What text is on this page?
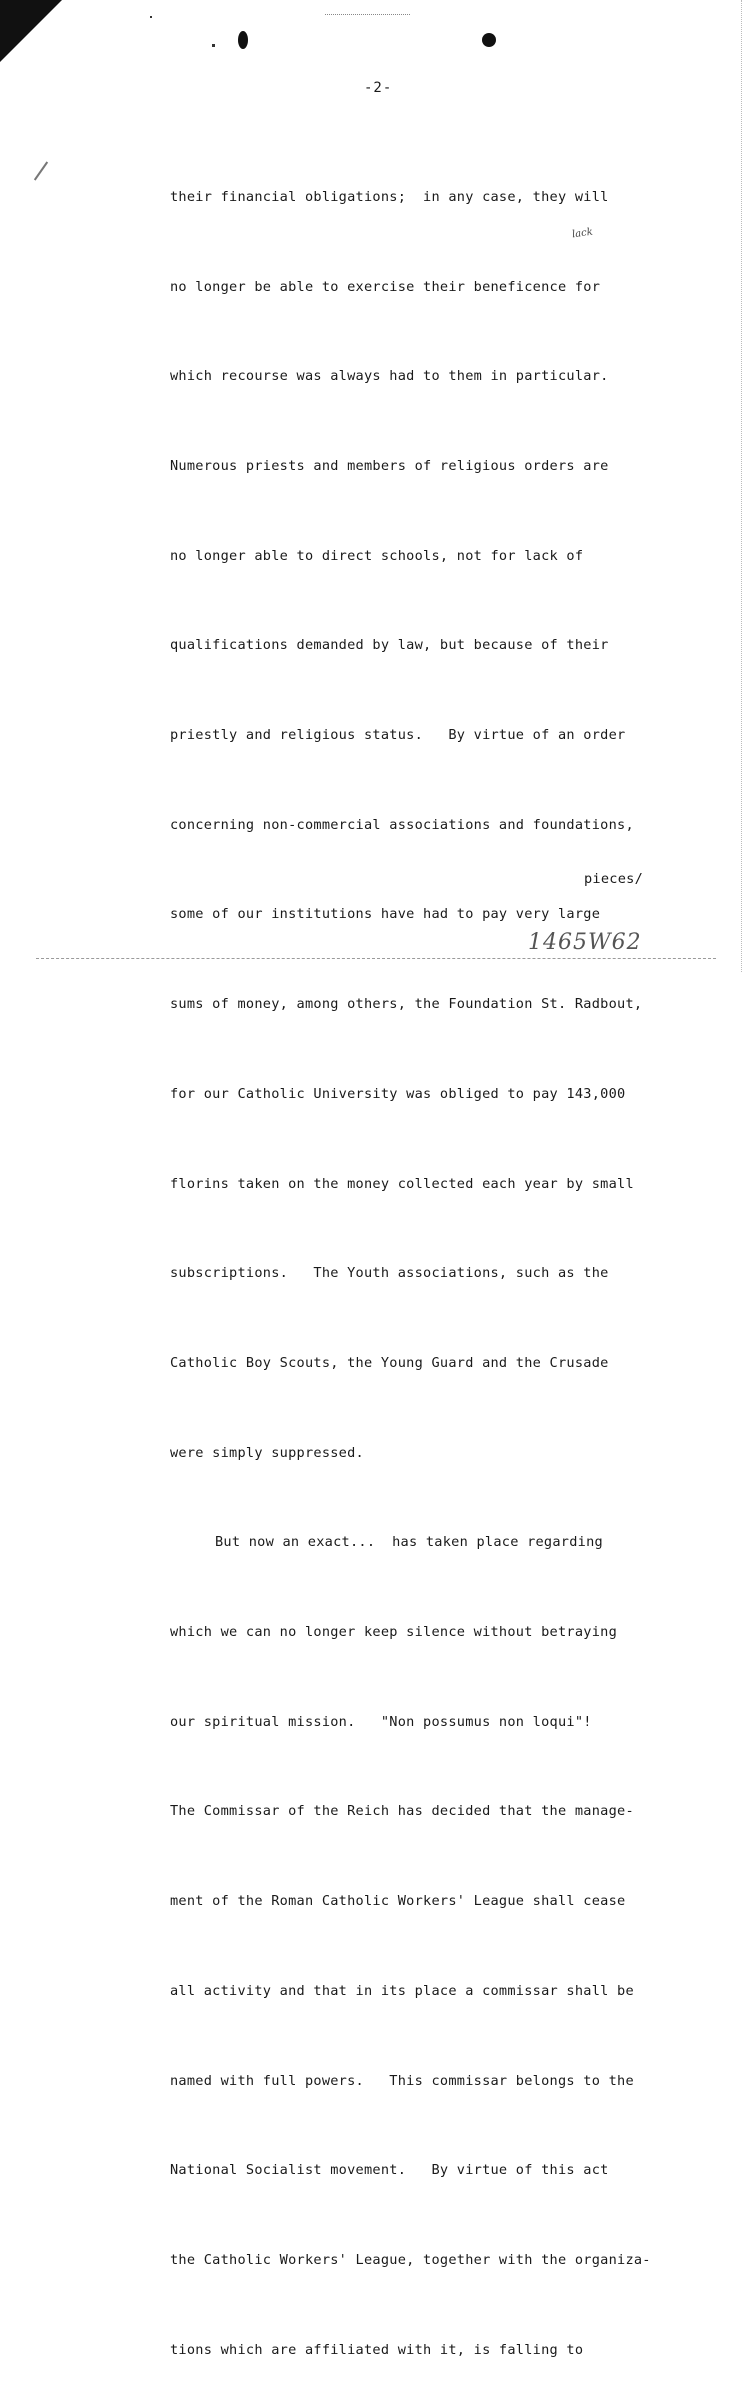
-2-

their financial obligations;  in any case, they will

no longer be able to exercise their beneficence for

which recourse was always had to them in particular.

Numerous priests and members of religious orders are

no longer able to direct schools, not for lack of

qualifications demanded by law, but because of their

priestly and religious status.   By virtue of an order

concerning non-commercial associations and foundations,

some of our institutions have had to pay very large

sums of money, among others, the Foundation St. Radbout,

for our Catholic University was obliged to pay 143,000

florins taken on the money collected each year by small

subscriptions.   The Youth associations, such as the

Catholic Boy Scouts, the Young Guard and the Crusade

were simply suppressed.

But now an exact...  has taken place regarding

which we can no longer keep silence without betraying

our spiritual mission.   "Non possumus non loqui"!

The Commissar of the Reich has decided that the manage-

ment of the Roman Catholic Workers' League shall cease

all activity and that in its place a commissar shall be

named with full powers.   This commissar belongs to the

National Socialist movement.   By virtue of this act

the Catholic Workers' League, together with the organiza-

tions which are affiliated with it, is falling to

lack
pieces/
1465W62
